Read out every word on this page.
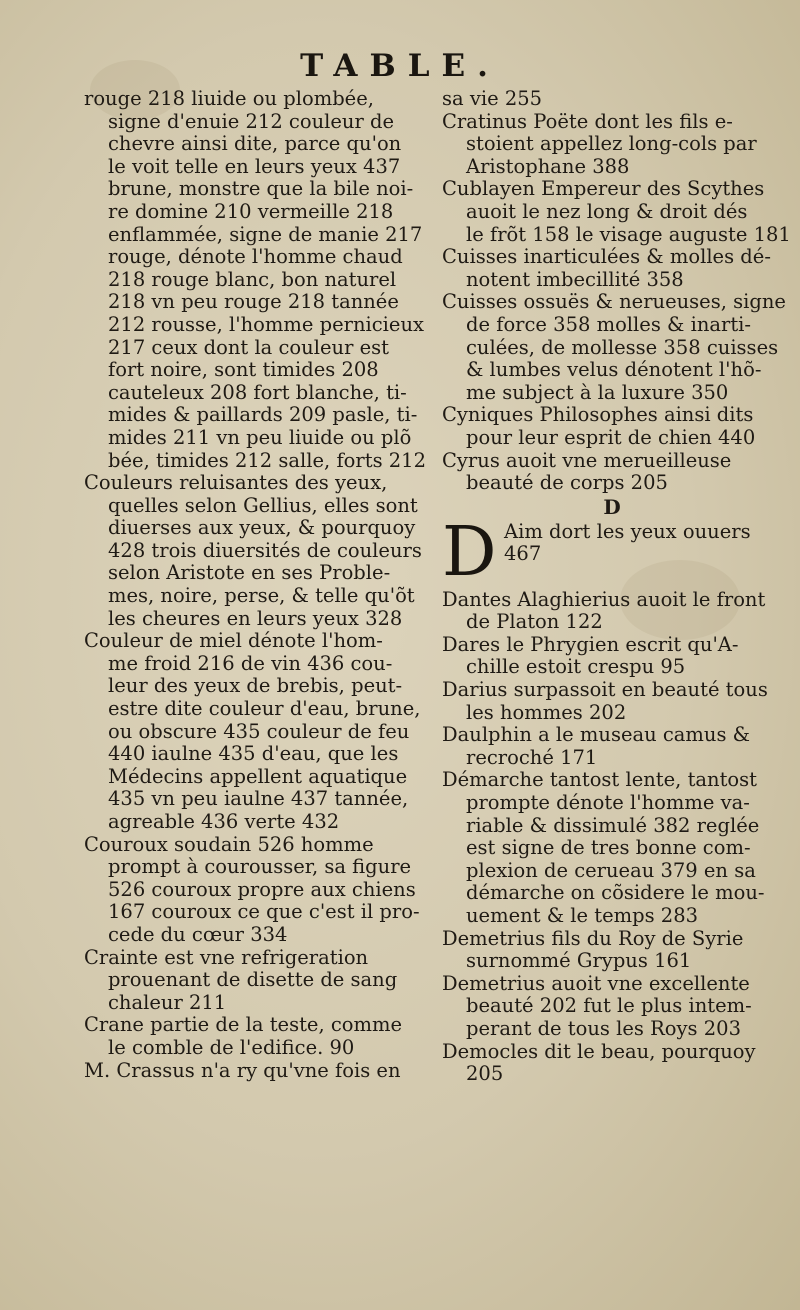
TABLE.
rouge 218 liuide ou plombée,
signe d'enuie 212 couleur de
chevre ainsi dite, parce qu'on
le voit telle en leurs yeux 437
brune, monstre que la bile noi-
re domine 210 vermeille 218
enflammée, signe de manie 217
rouge, dénote l'homme chaud
218 rouge blanc, bon naturel
218 vn peu rouge 218 tannée
212 rousse, l'homme pernicieux
217 ceux dont la couleur est
fort noire, sont timides 208
cauteleux 208 fort blanche, ti-
mides & paillards 209 pasle, ti-
mides 211 vn peu liuide ou plõ
bée, timides 212 salle, forts 212
Couleurs reluisantes des yeux,
quelles selon Gellius, elles sont
diuerses aux yeux, & pourquoy
428 trois diuersités de couleurs
selon Aristote en ses Proble-
mes, noire, perse, & telle qu'õt
les cheures en leurs yeux 328
Couleur de miel dénote l'hom-
me froid 216 de vin 436 cou-
leur des yeux de brebis, peut-
estre dite couleur d'eau, brune,
ou obscure 435 couleur de feu
440 iaulne 435 d'eau, que les
Médecins appellent aquatique
435 vn peu iaulne 437 tannée,
agreable 436 verte 432
Couroux soudain 526 homme
prompt à courousser, sa figure
526 couroux propre aux chiens
167 couroux ce que c'est il pro-
cede du cœur 334
Crainte est vne refrigeration
prouenant de disette de sang
chaleur 211
Crane partie de la teste, comme
le comble de l'edifice. 90
M. Crassus n'a ry qu'vne fois en
sa vie 255
Cratinus Poëte dont les fils e-
stoient appellez long-cols par
Aristophane 388
Cublayen Empereur des Scythes
auoit le nez long & droit dés
le frõt 158 le visage auguste 181
Cuisses inarticulées & molles dé-
notent imbecillité 358
Cuisses ossuës & nerueuses, signe
de force 358 molles & inarti-
culées, de mollesse 358 cuisses
& lumbes velus dénotent l'hõ-
me subject à la luxure 350
Cyniques Philosophes ainsi dits
pour leur esprit de chien 440
Cyrus auoit vne merueilleuse
beauté de corps 205
D
D Aim dort les yeux ouuers
467
Dantes Alaghierius auoit le front
de Platon 122
Dares le Phrygien escrit qu'A-
chille estoit crespu 95
Darius surpassoit en beauté tous
les hommes 202
Daulphin a le museau camus &
recroché 171
Démarche tantost lente, tantost
prompte dénote l'homme va-
riable & dissimulé 382 reglée
est signe de tres bonne com-
plexion de cerueau 379 en sa
démarche on cõsidere le mou-
uement & le temps 283
Demetrius fils du Roy de Syrie
surnommé Grypus 161
Demetrius auoit vne excellente
beauté 202 fut le plus intem-
perant de tous les Roys 203
Democles dit le beau, pourquoy
205
